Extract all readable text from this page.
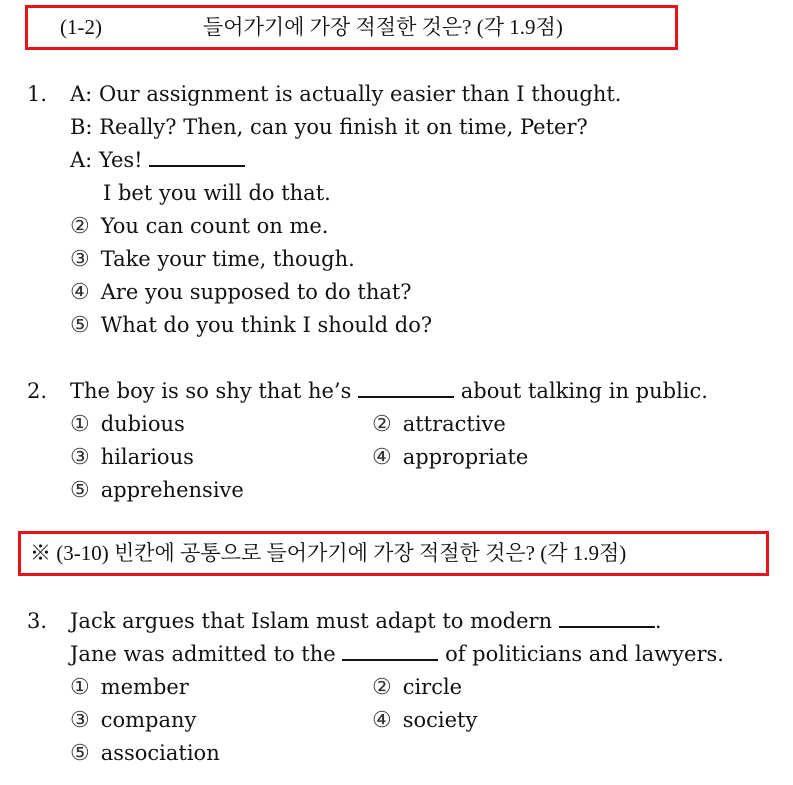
(1-2)	들어가기에 가장 적절한 것은? (각 1.9점)
1. A: Our assignment is actually easier than I thought.
B: Really? Then, can you finish it on time, Peter?
A: Yes!
I bet you will do that.
② You can count on me.
③ Take your time, though.
④ Are you supposed to do that?
⑤ What do you think I should do?
2. The boy is so shy that he’s	about talking in public.
① dubious	② attractive
③ hilarious	④ appropriate
⑤ apprehensive
※ (3-10) 빈칸에 공통으로 들어가기에 가장 적절한 것은? (각 1.9점)
3. Jack argues that Islam must adapt to modern	.
Jane was admitted to the	of politicians and lawyers.
① member	② circle
③ company	④ society
⑤ association
